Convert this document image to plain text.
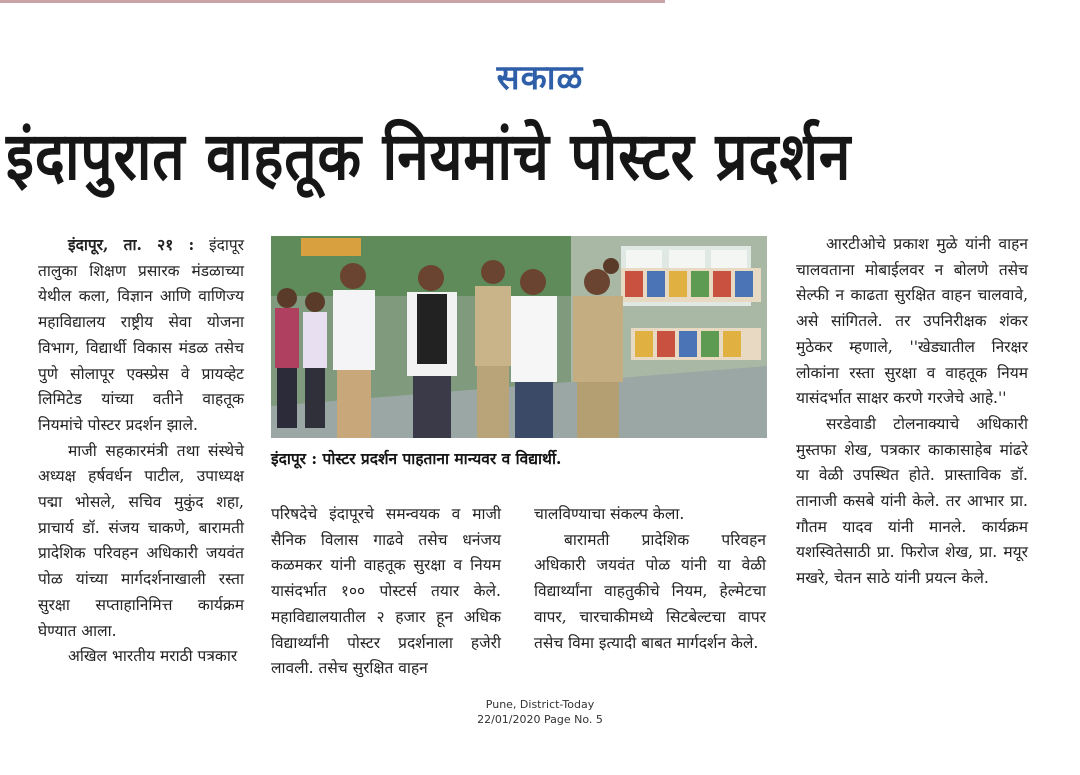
सकाळ
इंदापुरात वाहतूक नियमांचे पोस्टर प्रदर्शन

इंदापूर, ता. २१ : इंदापूर तालुका शिक्षण प्रसारक मंडळाच्या येथील कला, विज्ञान आणि वाणिज्य महाविद्यालय राष्ट्रीय सेवा योजना विभाग, विद्यार्थी विकास मंडळ तसेच पुणे सोलापूर एक्स्प्रेस वे प्रायव्हेट लिमिटेड यांच्या वतीने वाहतूक नियमांचे पोस्टर प्रदर्शन झाले.

माजी सहकारमंत्री तथा संस्थेचे अध्यक्ष हर्षवर्धन पाटील, उपाध्यक्ष पद्मा भोसले, सचिव मुकुंद शहा, प्राचार्य डॉ. संजय चाकणे, बारामती प्रादेशिक परिवहन अधिकारी जयवंत पोळ यांच्या मार्गदर्शनाखाली रस्ता सुरक्षा सप्ताहानिमित्त कार्यक्रम घेण्यात आला.

अखिल भारतीय मराठी पत्रकार

इंदापूर : पोस्टर प्रदर्शन पाहताना मान्यवर व विद्यार्थी.

परिषदेचे इंदापूरचे समन्वयक व माजी सैनिक विलास गाढवे तसेच धनंजय कळमकर यांनी वाहतूक सुरक्षा व नियम यासंदर्भात १०० पोस्टर्स तयार केले. महाविद्यालयातील २ हजार हून अधिक विद्यार्थ्यांनी पोस्टर प्रदर्शनाला हजेरी लावली. तसेच सुरक्षित वाहन

चालविण्याचा संकल्प केला.

बारामती प्रादेशिक परिवहन अधिकारी जयवंत पोळ यांनी या वेळी विद्यार्थ्यांना वाहतुकीचे नियम, हेल्मेटचा वापर, चारचाकीमध्ये सिटबेल्टचा वापर तसेच विमा इत्यादी बाबत मार्गदर्शन केले.

आरटीओचे प्रकाश मुळे यांनी वाहन चालवताना मोबाईलवर न बोलणे तसेच सेल्फी न काढता सुरक्षित वाहन चालवावे, असे सांगितले. तर उपनिरीक्षक शंकर मुठेकर म्हणाले, ''खेड्यातील निरक्षर लोकांना रस्ता सुरक्षा व वाहतूक नियम यासंदर्भात साक्षर करणे गरजेचे आहे.''

सरडेवाडी टोलनाक्याचे अधिकारी मुस्तफा शेख, पत्रकार काकासाहेब मांढरे या वेळी उपस्थित होते. प्रास्ताविक डॉ. तानाजी कसबे यांनी केले. तर आभार प्रा. गौतम यादव यांनी मानले. कार्यक्रम यशस्वितेसाठी प्रा. फिरोज शेख, प्रा. मयूर मखरे, चेतन साठे यांनी प्रयत्न केले.

Pune, District-Today
22/01/2020 Page No. 5
